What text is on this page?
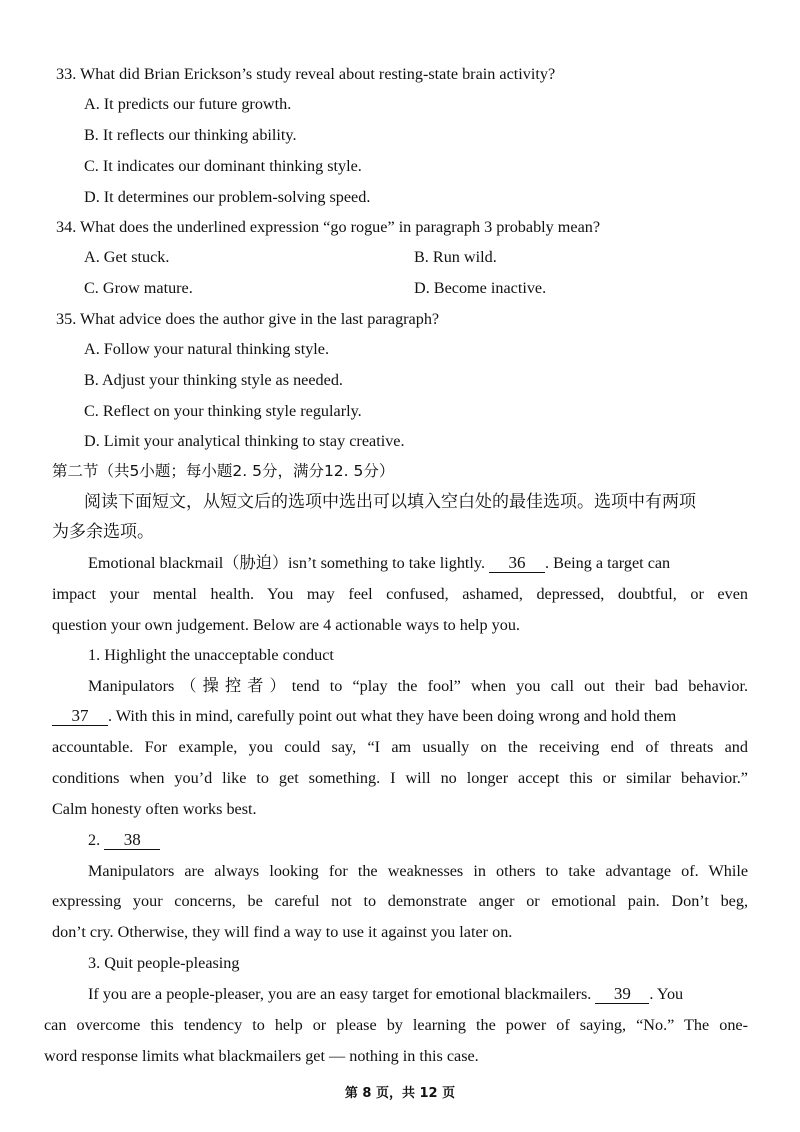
33. What did Brian Erickson’s study reveal about resting-state brain activity?
A. It predicts our future growth.
B. It reflects our thinking ability.
C. It indicates our dominant thinking style.
D. It determines our problem-solving speed.
34. What does the underlined expression “go rogue” in paragraph 3 probably mean?
A. Get stuck.	B. Run wild.
C. Grow mature.	D. Become inactive.
35. What advice does the author give in the last paragraph?
A. Follow your natural thinking style.
B. Adjust your thinking style as needed.
C. Reflect on your thinking style regularly.
D. Limit your analytical thinking to stay creative.
第二节（共5小题；每小题2. 5分，满分12. 5分）
阅读下面短文，从短文后的选项中选出可以填入空白处的最佳选项。选项中有两项
为多余选项。
Emotional blackmail（胁迫）isn’t something to take lightly. 36 . Being a target can
impact your mental health. You may feel confused, ashamed, depressed, doubtful, or even
question your own judgement. Below are 4 actionable ways to help you.
1. Highlight the unacceptable conduct
Manipulators（操控者）tend to “play the fool” when you call out their bad behavior.
37 . With this in mind, carefully point out what they have been doing wrong and hold them
accountable. For example, you could say, “I am usually on the receiving end of threats and
conditions when you’d like to get something. I will no longer accept this or similar behavior.”
Calm honesty often works best.
2. 38
Manipulators are always looking for the weaknesses in others to take advantage of. While
expressing your concerns, be careful not to demonstrate anger or emotional pain. Don’t beg,
don’t cry. Otherwise, they will find a way to use it against you later on.
3. Quit people-pleasing
If you are a people-pleaser, you are an easy target for emotional blackmailers. 39 . You
can overcome this tendency to help or please by learning the power of saying, “No.” The one-
word response limits what blackmailers get — nothing in this case.
第 8 页，共 12 页
